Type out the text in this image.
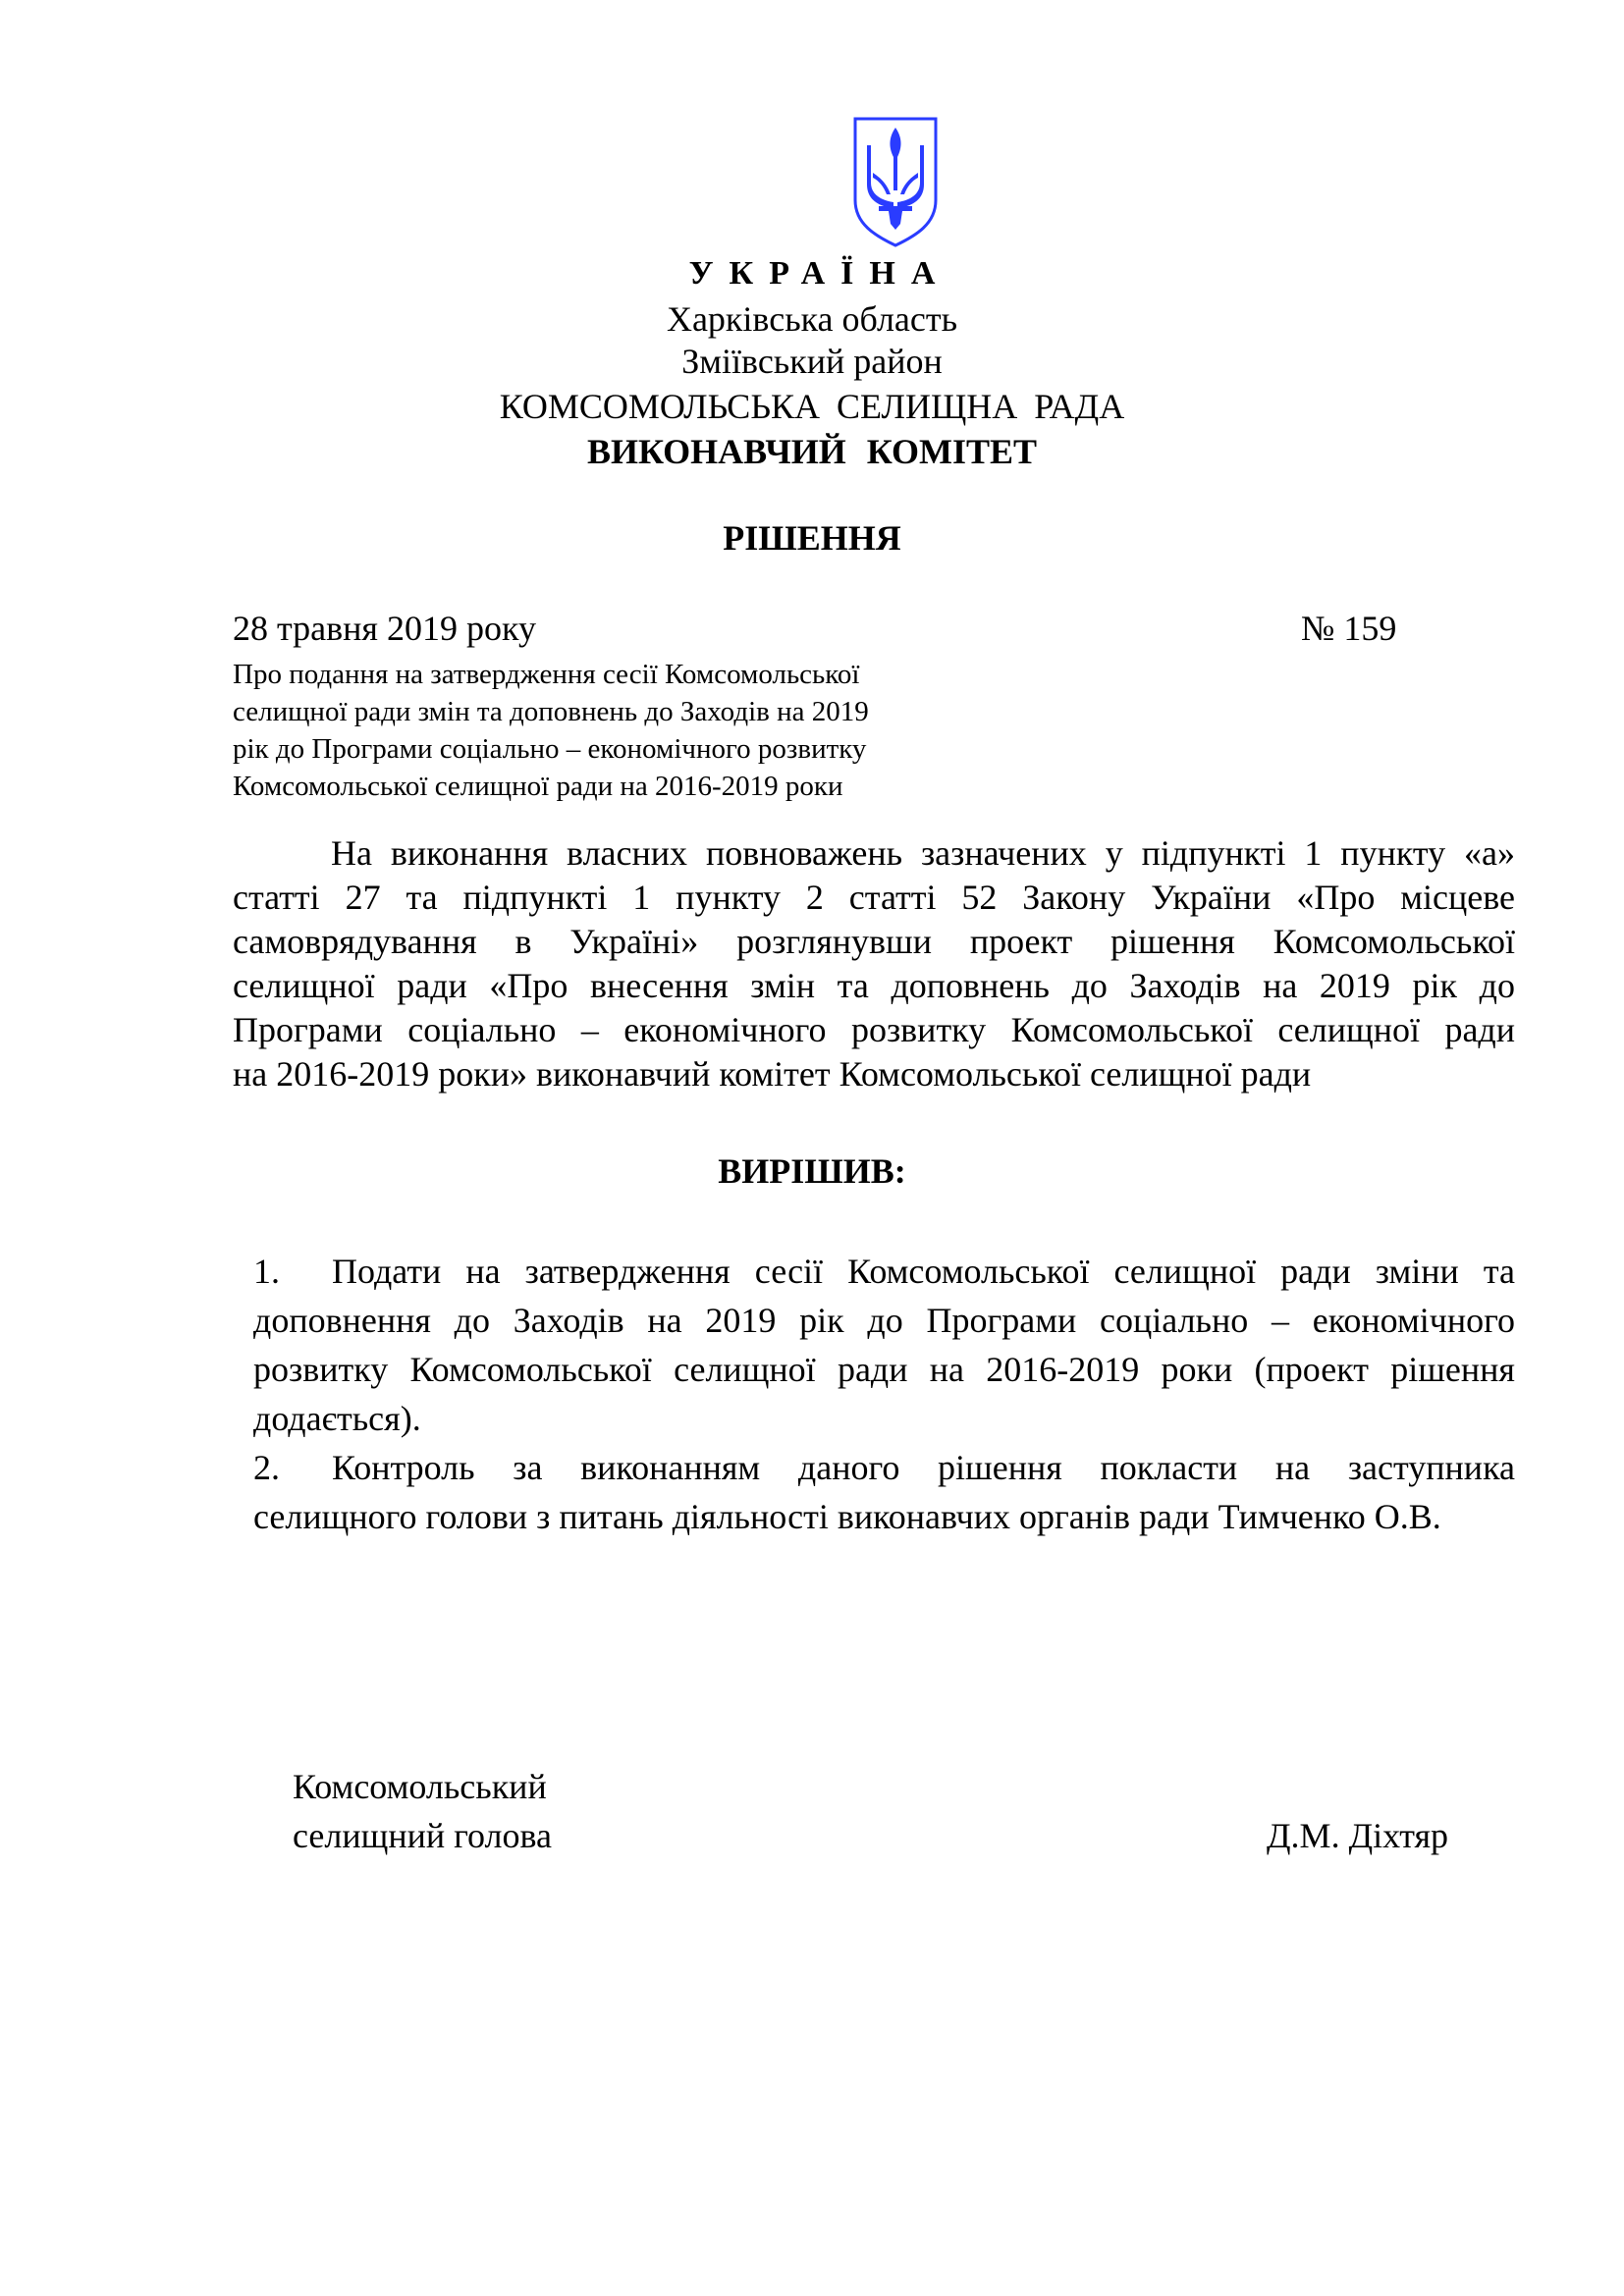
УКРАЇНА
Харківська область
Зміївський район
КОМСОМОЛЬСЬКА СЕЛИЩНА РАДА
ВИКОНАВЧИЙ КОМІТЕТ
РІШЕННЯ
28 травня 2019 року	№ 159
Про подання на затвердження сесії Комсомольської
селищної ради змін та доповнень до Заходів на 2019
рік до Програми соціально – економічного розвитку
Комсомольської селищної ради на 2016-2019 роки
На виконання власних повноважень зазначених у підпункті 1 пункту «а»
статті 27 та підпункті 1 пункту 2 статті 52 Закону України «Про місцеве
самоврядування в Україні» розглянувши проект рішення Комсомольської
селищної ради «Про внесення змін та доповнень до Заходів на 2019 рік до
Програми соціально – економічного розвитку Комсомольської селищної ради
на 2016-2019 роки» виконавчий комітет Комсомольської селищної ради
ВИРІШИВ:
1. Подати на затвердження сесії Комсомольської селищної ради зміни та
доповнення до Заходів на 2019 рік до Програми соціально – економічного
розвитку Комсомольської селищної ради на 2016-2019 роки (проект рішення
додається).
2. Контроль за виконанням даного рішення покласти на заступника
селищного голови з питань діяльності виконавчих органів ради Тимченко О.В.
Комсомольський
селищний голова	Д.М. Діхтяр
